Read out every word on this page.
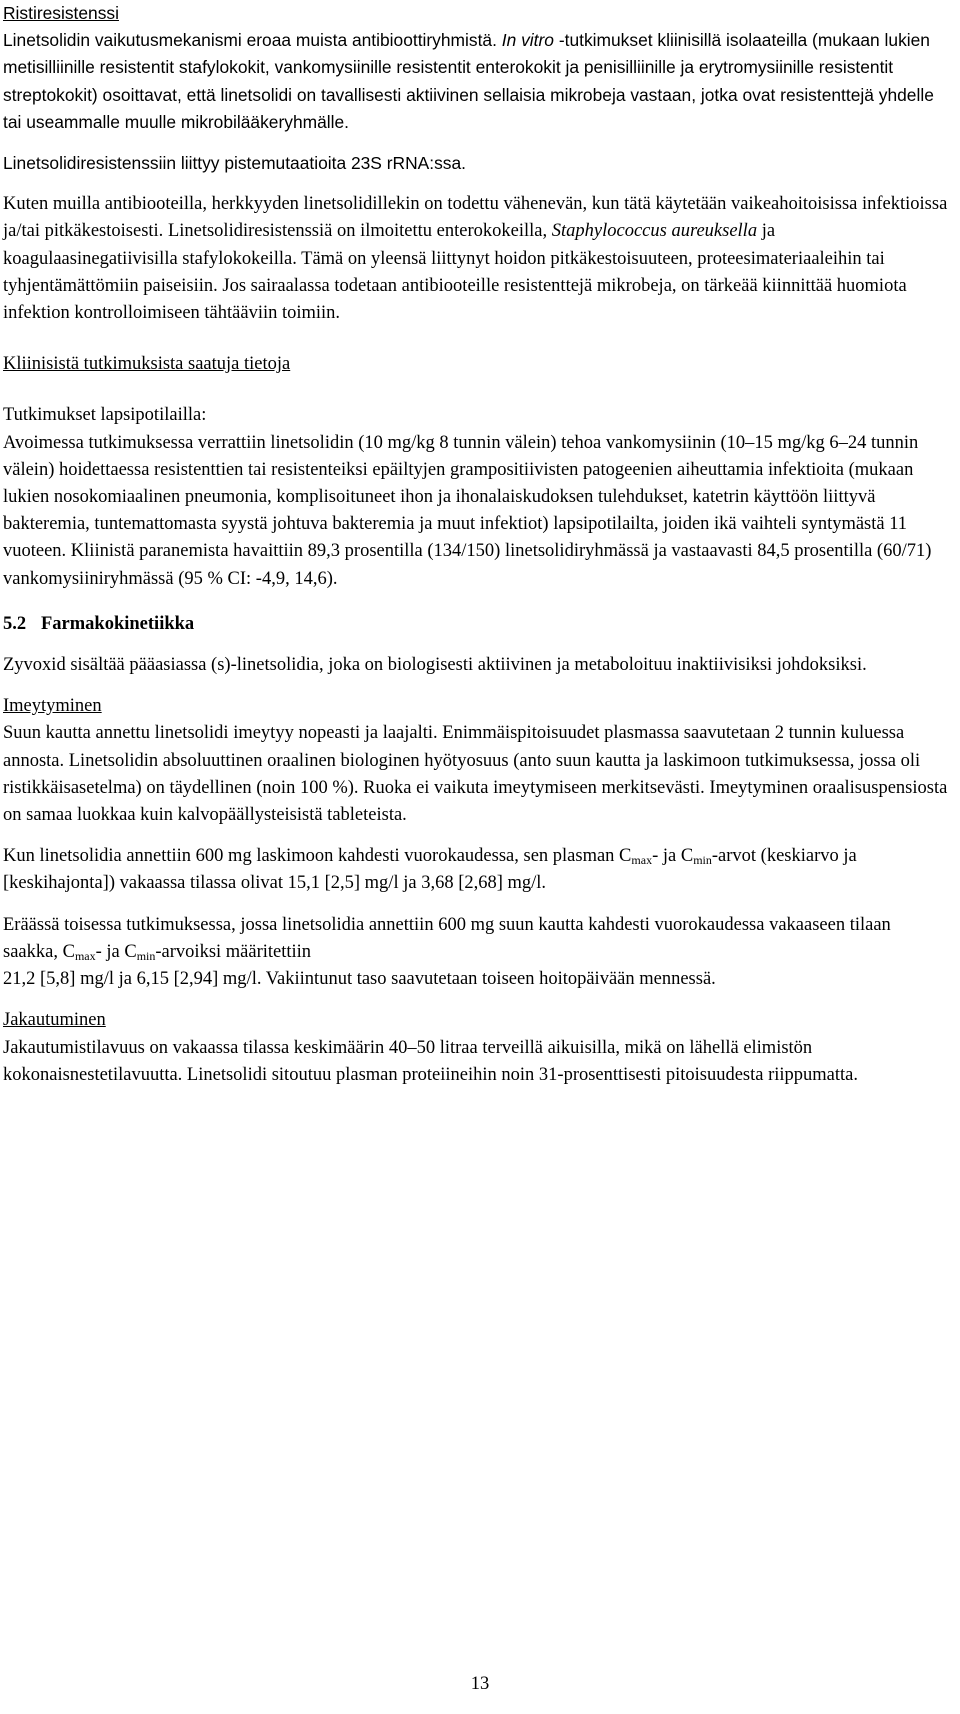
Ristiresistenssi
Linetsolidin vaikutusmekanismi eroaa muista antibioottiryhmistä. In vitro -tutkimukset kliinisillä isolaateilla (mukaan lukien metisilliinille resistentit stafylokokit, vankomysiinille resistentit enterokokit ja penisilliinille ja erytromysiinille resistentit streptokokit) osoittavat, että linetsolidi on tavallisesti aktiivinen sellaisia mikrobeja vastaan, jotka ovat resistenttejä yhdelle tai useammalle muulle mikrobilääkeryhmälle.

Linetsolidiresistenssiin liittyy pistemutaatioita 23S rRNA:ssa.

Kuten muilla antibiooteilla, herkkyyden linetsolidillekin on todettu vähenevän, kun tätä käytetään vaikeahoitoisissa infektioissa ja/tai pitkäkestoisesti. Linetsolidiresistenssiä on ilmoitettu enterokokeilla, Staphylococcus aureuksella ja koagulaasinegatiivisilla stafylokokeilla. Tämä on yleensä liittynyt hoidon pitkäkestoisuuteen, proteesimateriaaleihin tai tyhjentämättömiin paiseisiin. Jos sairaalassa todetaan antibiooteille resistenttejä mikrobeja, on tärkeää kiinnittää huomiota infektion kontrolloimiseen tähtääviin toimiin.

Kliinisistä tutkimuksista saatuja tietoja

Tutkimukset lapsipotilailla:
Avoimessa tutkimuksessa verrattiin linetsolidin (10 mg/kg 8 tunnin välein) tehoa vankomysiinin (10‒15 mg/kg 6‒24 tunnin välein) hoidettaessa resistenttien tai resistenteiksi epäiltyjen grampositiivisten patogeenien aiheuttamia infektioita (mukaan lukien nosokomiaalinen pneumonia, komplisoituneet ihon ja ihonalaiskudoksen tulehdukset, katetrin käyttöön liittyvä bakteremia, tuntemattomasta syystä johtuva bakteremia ja muut infektiot) lapsipotilailta, joiden ikä vaihteli syntymästä 11 vuoteen. Kliinistä paranemista havaittiin 89,3 prosentilla (134/150) linetsolidiryhmässä ja vastaavasti 84,5 prosentilla (60/71) vankomysiiniryhmässä (95 % CI: -4,9, 14,6).

5.2 Farmakokinetiikka

Zyvoxid sisältää pääasiassa (s)-linetsolidia, joka on biologisesti aktiivinen ja metaboloituu inaktiivisiksi johdoksiksi.

Imeytyminen
Suun kautta annettu linetsolidi imeytyy nopeasti ja laajalti. Enimmäispitoisuudet plasmassa saavutetaan 2 tunnin kuluessa annosta. Linetsolidin absoluuttinen oraalinen biologinen hyötyosuus (anto suun kautta ja laskimoon tutkimuksessa, jossa oli ristikkäisasetelma) on täydellinen (noin 100 %). Ruoka ei vaikuta imeytymiseen merkitsevästi. Imeytyminen oraalisuspensiosta on samaa luokkaa kuin kalvopäällysteisistä tableteista.

Kun linetsolidia annettiin 600 mg laskimoon kahdesti vuorokaudessa, sen plasman $C_{max}-$ ja $C_{min}$-arvot (keskiarvo ja [keskihajonta]) vakaassa tilassa olivat 15,1 [2,5] mg/l ja 3,68 [2,68] mg/l.

Eräässä toisessa tutkimuksessa, jossa linetsolidia annettiin 600 mg suun kautta kahdesti vuorokaudessa vakaaseen tilaan saakka, $C_{max}-$ ja $C_{min}$-arvoiksi määritettiin
21,2 [5,8] mg/l ja 6,15 [2,94] mg/l. Vakiintunut taso saavutetaan toiseen hoitopäivään mennessä.

Jakautuminen
Jakautumistilavuus on vakaassa tilassa keskimäärin 40‒50 litraa terveillä aikuisilla, mikä on lähellä elimistön kokonaisnestetilavuutta. Linetsolidi sitoutuu plasman proteiineihin noin 31-prosenttisesti pitoisuudesta riippumatta.

13
